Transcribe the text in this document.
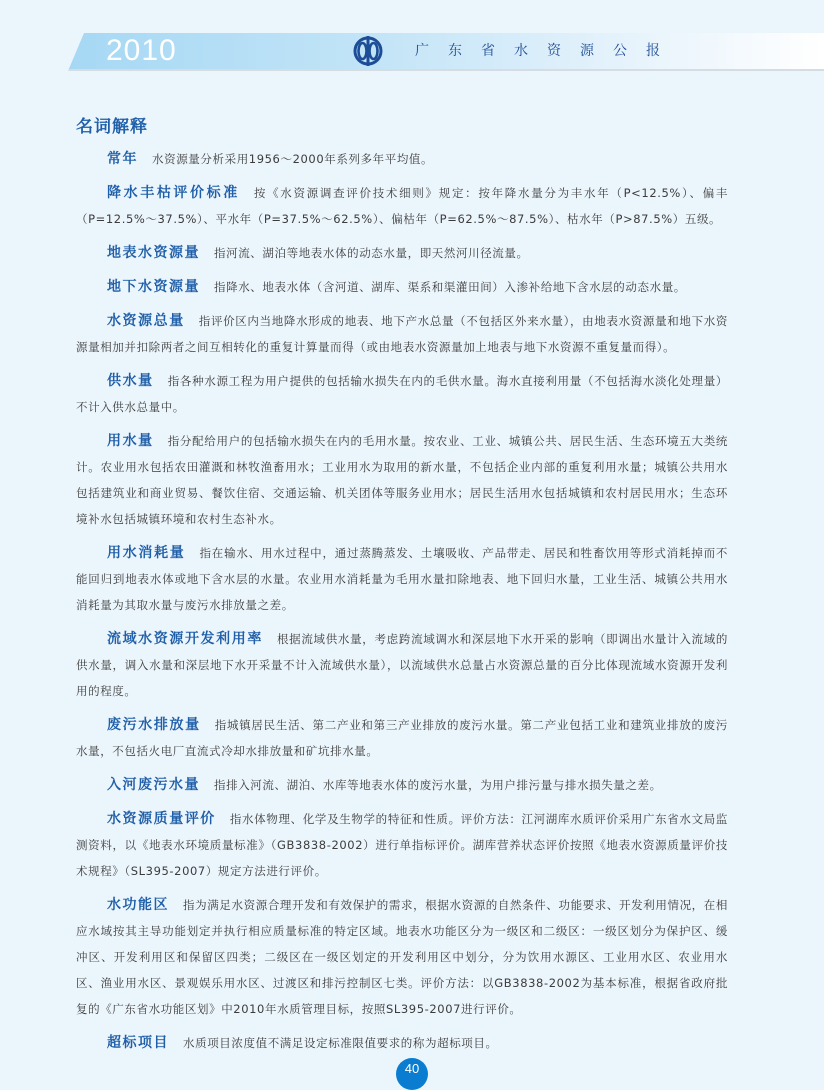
2010	广东省水资源公报
名词解释

常年 水资源量分析采用1956～2000年系列多年平均值。

降水丰枯评价标准 按《水资源调查评价技术细则》规定：按年降水量分为丰水年（P<12.5%）、偏丰（P=12.5%～37.5%）、平水年（P=37.5%～62.5%）、偏枯年（P=62.5%～87.5%）、枯水年（P>87.5%）五级。

地表水资源量 指河流、湖泊等地表水体的动态水量，即天然河川径流量。

地下水资源量 指降水、地表水体（含河道、湖库、渠系和渠灌田间）入渗补给地下含水层的动态水量。

水资源总量 指评价区内当地降水形成的地表、地下产水总量（不包括区外来水量），由地表水资源量和地下水资源量相加并扣除两者之间互相转化的重复计算量而得（或由地表水资源量加上地表与地下水资源不重复量而得）。

供水量 指各种水源工程为用户提供的包括输水损失在内的毛供水量。海水直接利用量（不包括海水淡化处理量）不计入供水总量中。

用水量 指分配给用户的包括输水损失在内的毛用水量。按农业、工业、城镇公共、居民生活、生态环境五大类统计。农业用水包括农田灌溉和林牧渔畜用水；工业用水为取用的新水量，不包括企业内部的重复利用水量；城镇公共用水包括建筑业和商业贸易、餐饮住宿、交通运输、机关团体等服务业用水；居民生活用水包括城镇和农村居民用水；生态环境补水包括城镇环境和农村生态补水。

用水消耗量 指在输水、用水过程中，通过蒸腾蒸发、土壤吸收、产品带走、居民和牲畜饮用等形式消耗掉而不能回归到地表水体或地下含水层的水量。农业用水消耗量为毛用水量扣除地表、地下回归水量，工业生活、城镇公共用水消耗量为其取水量与废污水排放量之差。

流域水资源开发利用率 根据流域供水量，考虑跨流域调水和深层地下水开采的影响（即调出水量计入流域的供水量，调入水量和深层地下水开采量不计入流域供水量），以流域供水总量占水资源总量的百分比体现流域水资源开发利用的程度。

废污水排放量 指城镇居民生活、第二产业和第三产业排放的废污水量。第二产业包括工业和建筑业排放的废污水量，不包括火电厂直流式冷却水排放量和矿坑排水量。

入河废污水量 指排入河流、湖泊、水库等地表水体的废污水量，为用户排污量与排水损失量之差。

水资源质量评价 指水体物理、化学及生物学的特征和性质。评价方法：江河湖库水质评价采用广东省水文局监测资料，以《地表水环境质量标准》（GB3838-2002）进行单指标评价。湖库营养状态评价按照《地表水资源质量评价技术规程》（SL395-2007）规定方法进行评价。

水功能区 指为满足水资源合理开发和有效保护的需求，根据水资源的自然条件、功能要求、开发利用情况，在相应水域按其主导功能划定并执行相应质量标准的特定区域。地表水功能区分为一级区和二级区：一级区划分为保护区、缓冲区、开发利用区和保留区四类；二级区在一级区划定的开发利用区中划分，分为饮用水源区、工业用水区、农业用水区、渔业用水区、景观娱乐用水区、过渡区和排污控制区七类。评价方法：以GB3838-2002为基本标准，根据省政府批复的《广东省水功能区划》中2010年水质管理目标，按照SL395-2007进行评价。

超标项目 水质项目浓度值不满足设定标准限值要求的称为超标项目。

40
